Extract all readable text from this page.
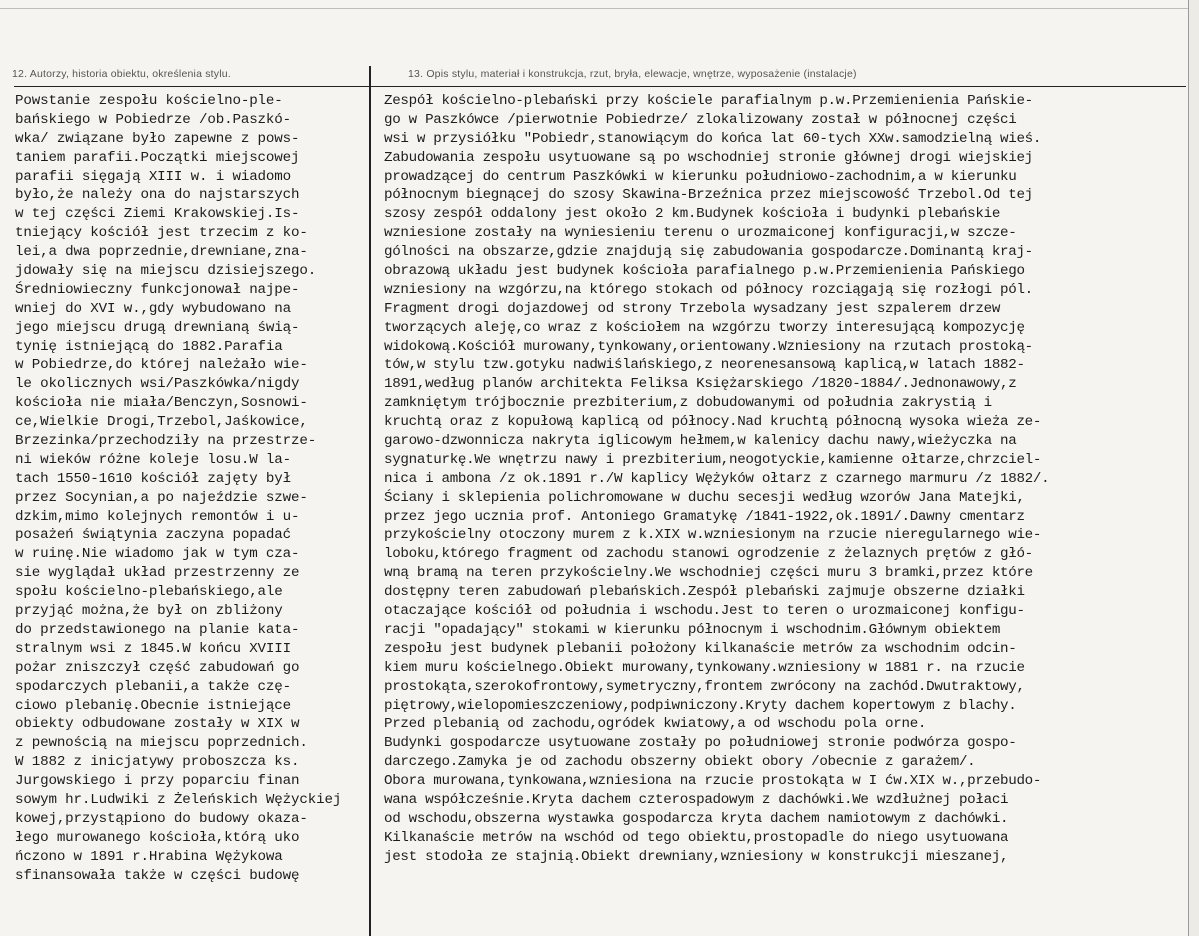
12. Autorzy, historia obiektu, określenia stylu.	13. Opis stylu, materiał i konstrukcja, rzut, bryła, elewacje, wnętrze, wyposażenie (instalacje)
Powstanie zespołu kościelno-ple-
bańskiego w Pobiedrze /ob.Paszkó-
wka/ związane było zapewne z pows-
taniem parafii.Początki miejscowej
parafii sięgają XIII w. i wiadomo
było,że należy ona do najstarszych
w tej części Ziemi Krakowskiej.Is-
tniejący kościół jest trzecim z ko-
lei,a dwa poprzednie,drewniane,zna-
jdowały się na miejscu dzisiejszego.
Średniowieczny funkcjonował najpe-
wniej do XVI w.,gdy wybudowano na
jego miejscu drugą drewnianą świą-
tynię istniejącą do 1882.Parafia
w Pobiedrze,do której należało wie-
le okolicznych wsi/Paszkówka/nigdy
kościoła nie miała/Benczyn,Sosnowi-
ce,Wielkie Drogi,Trzebol,Jaśkowice,
Brzezinka/przechodziły na przestrze-
ni wieków różne koleje losu.W la-
tach 1550-1610 kościół zajęty był
przez Socynian,a po najeździe szwe-
dzkim,mimo kolejnych remontów i u-
posażeń świątynia zaczyna popadać
w ruinę.Nie wiadomo jak w tym cza-
sie wyglądał układ przestrzenny ze
społu kościelno-plebańskiego,ale
przyjąć można,że był on zbliżony
do przedstawionego na planie kata-
stralnym wsi z 1845.W końcu XVIII
pożar zniszczył część zabudowań go
spodarczych plebanii,a także czę-
ciowo plebanię.Obecnie istniejące
obiekty odbudowane zostały w XIX w
z pewnością na miejscu poprzednich.
W 1882 z inicjatywy proboszcza ks.
Jurgowskiego i przy poparciu finan
sowym hr.Ludwiki z Żeleńskich Wężyckiej
kowej,przystąpiono do budowy okaza-
łego murowanego kościoła,którą uko
ńczono w 1891 r.Hrabina Wężykowa
sfinansowała także w części budowę
Zespół kościelno-plebański przy kościele parafialnym p.w.Przemienienia Pańskie-
go w Paszkówce /pierwotnie Pobiedrze/ zlokalizowany został w północnej części
wsi w przysiółku "Pobiedr,stanowiącym do końca lat 60-tych XXw.samodzielną wieś.
Zabudowania zespołu usytuowane są po wschodniej stronie głównej drogi wiejskiej
prowadzącej do centrum Paszkówki w kierunku południowo-zachodnim,a w kierunku
północnym biegnącej do szosy Skawina-Brzeźnica przez miejscowość Trzebol.Od tej
szosy zespół oddalony jest około 2 km.Budynek kościoła i budynki plebańskie
wzniesione zostały na wyniesieniu terenu o urozmaiconej konfiguracji,w szcze-
gólności na obszarze,gdzie znajdują się zabudowania gospodarcze.Dominantą kraj-
obrazową układu jest budynek kościoła parafialnego p.w.Przemienienia Pańskiego
wzniesiony na wzgórzu,na którego stokach od północy rozciągają się rozłogi pól.
Fragment drogi dojazdowej od strony Trzebola wysadzany jest szpalerem drzew
tworzących aleję,co wraz z kościołem na wzgórzu tworzy interesującą kompozycję
widokową.Kościół murowany,tynkowany,orientowany.Wzniesiony na rzutach prostoką-
tów,w stylu tzw.gotyku nadwiślańskiego,z neorenesansową kaplicą,w latach 1882-
1891,według planów architekta Feliksa Księżarskiego /1820-1884/.Jednonawowy,z
zamkniętym trójbocznie prezbiterium,z dobudowanymi od południa zakrystią i
kruchtą oraz z kopułową kaplicą od północy.Nad kruchtą północną wysoka wieża ze-
garowo-dzwonnicza nakryta iglicowym hełmem,w kalenicy dachu nawy,wieżyczka na
sygnaturkę.We wnętrzu nawy i prezbiterium,neogotyckie,kamienne ołtarze,chrzciel-
nica i ambona /z ok.1891 r./W kaplicy Wężyków ołtarz z czarnego marmuru /z 1882/.
Ściany i sklepienia polichromowane w duchu secesji według wzorów Jana Matejki,
przez jego ucznia prof. Antoniego Gramatykę /1841-1922,ok.1891/.Dawny cmentarz
przykościelny otoczony murem z k.XIX w.wzniesionym na rzucie nieregularnego wie-
loboku,którego fragment od zachodu stanowi ogrodzenie z żelaznych prętów z głó-
wną bramą na teren przykościelny.We wschodniej części muru 3 bramki,przez które
dostępny teren zabudowań plebańskich.Zespół plebański zajmuje obszerne działki
otaczające kościół od południa i wschodu.Jest to teren o urozmaiconej konfigu-
racji "opadający" stokami w kierunku północnym i wschodnim.Głównym obiektem
zespołu jest budynek plebanii położony kilkanaście metrów za wschodnim odcin-
kiem muru kościelnego.Obiekt murowany,tynkowany.wzniesiony w 1881 r. na rzucie
prostokąta,szerokofrontowy,symetryczny,frontem zwrócony na zachód.Dwutraktowy,
piętrowy,wielopomieszczeniowy,podpiwniczony.Kryty dachem kopertowym z blachy.
Przed plebanią od zachodu,ogródek kwiatowy,a od wschodu pola orne.
Budynki gospodarcze usytuowane zostały po południowej stronie podwórza gospo-
darczego.Zamyka je od zachodu obszerny obiekt obory /obecnie z garażem/.
Obora murowana,tynkowana,wzniesiona na rzucie prostokąta w I ćw.XIX w.,przebudo-
wana współcześnie.Kryta dachem czterospadowym z dachówki.We wzdłużnej połaci
od wschodu,obszerna wystawka gospodarcza kryta dachem namiotowym z dachówki.
Kilkanaście metrów na wschód od tego obiektu,prostopadle do niego usytuowana
jest stodoła ze stajnią.Obiekt drewniany,wzniesiony w konstrukcji mieszanej,
